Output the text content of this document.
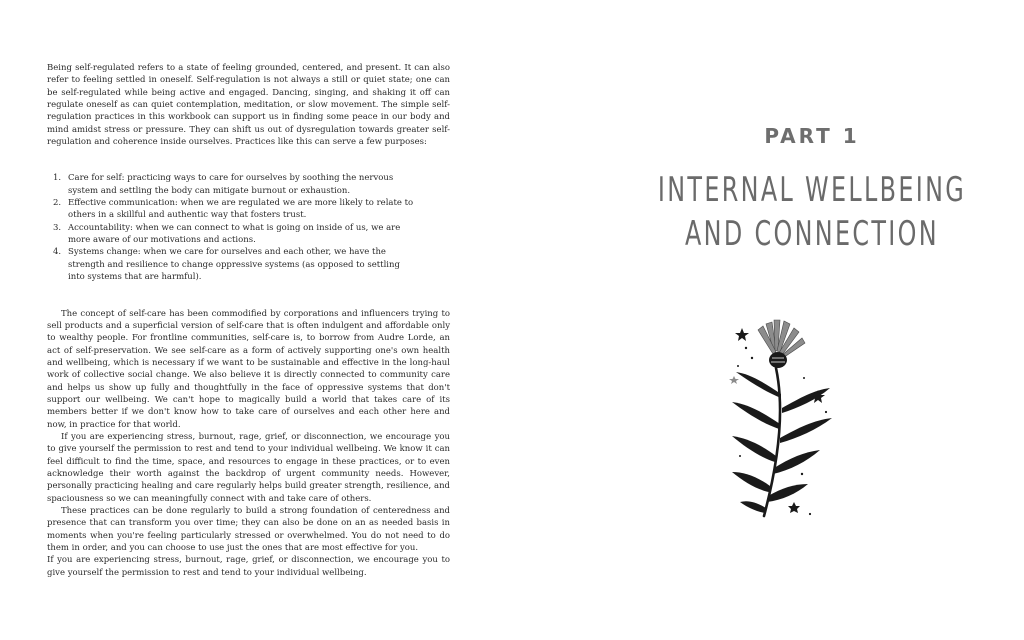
Being self-regulated refers to a state of feeling grounded, centered, and present. It can also refer to feeling settled in oneself. Self-regulation is not always a still or quiet state; one can be self-regulated while being active and engaged. Dancing, singing, and shaking it off can regulate oneself as can quiet contemplation, meditation, or slow movement. The simple self-regulation practices in this workbook can support us in finding some peace in our body and mind amidst stress or pressure. They can shift us out of dysregulation towards greater self-regulation and coherence inside ourselves. Practices like this can serve a few purposes:

1. Care for self: practicing ways to care for ourselves by soothing the nervous system and settling the body can mitigate burnout or exhaustion.
2. Effective communication: when we are regulated we are more likely to relate to others in a skillful and authentic way that fosters trust.
3. Accountability: when we can connect to what is going on inside of us, we are more aware of our motivations and actions.
4. Systems change: when we care for ourselves and each other, we have the strength and resilience to change oppressive systems (as opposed to settling into systems that are harmful).

The concept of self-care has been commodified by corporations and influencers trying to sell products and a superficial version of self-care that is often indulgent and affordable only to wealthy people. For frontline communities, self-care is, to borrow from Audre Lorde, an act of self-preservation. We see self-care as a form of actively supporting one's own health and wellbeing, which is necessary if we want to be sustainable and effective in the long-haul work of collective social change. We also believe it is directly connected to community care and helps us show up fully and thoughtfully in the face of oppressive systems that don't support our wellbeing. We can't hope to magically build a world that takes care of its members better if we don't know how to take care of ourselves and each other here and now, in practice for that world.

If you are experiencing stress, burnout, rage, grief, or disconnection, we encourage you to give yourself the permission to rest and tend to your individual wellbeing. We know it can feel difficult to find the time, space, and resources to engage in these practices, or to even acknowledge their worth against the backdrop of urgent community needs. However, personally practicing healing and care regularly helps build greater strength, resilience, and spaciousness so we can meaningfully connect with and take care of others.

These practices can be done regularly to build a strong foundation of centeredness and presence that can transform you over time; they can also be done on an as needed basis in moments when you're feeling particularly stressed or overwhelmed. You do not need to do them in order, and you can choose to use just the ones that are most effective for you.

If you are experiencing stress, burnout, rage, grief, or disconnection, we encourage you to give yourself the permission to rest and tend to your individual wellbeing.

PART 1
INTERNAL WELLBEING
AND CONNECTION
